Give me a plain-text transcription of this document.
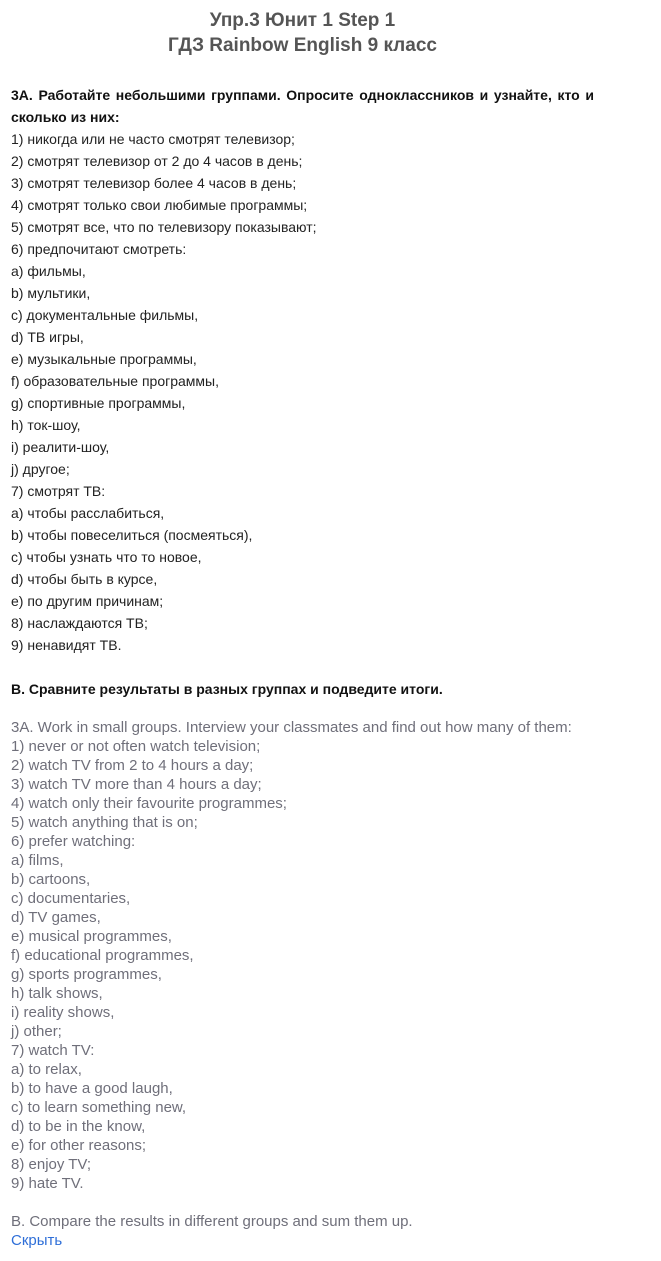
Упр.3 Юнит 1 Step 1
ГДЗ Rainbow English 9 класс
3А. Работайте небольшими группами. Опросите одноклассников и узнайте, кто и сколько из них:
1) никогда или не часто смотрят телевизор;
2) смотрят телевизор от 2 до 4 часов в день;
3) смотрят телевизор более 4 часов в день;
4) смотрят только свои любимые программы;
5) смотрят все, что по телевизору показывают;
6) предпочитают смотреть:
a) фильмы,
b) мультики,
c) документальные фильмы,
d) ТВ игры,
e) музыкальные программы,
f) образовательные программы,
g) спортивные программы,
h) ток-шоу,
i) реалити-шоу,
j) другое;
7) смотрят ТВ:
a) чтобы расслабиться,
b) чтобы повеселиться (посмеяться),
c) чтобы узнать что то новое,
d) чтобы быть в курсе,
e) по другим причинам;
8) наслаждаются ТВ;
9) ненавидят ТВ.
B. Сравните результаты в разных группах и подведите итоги.
3A. Work in small groups. Interview your classmates and find out how many of them:
1) never or not often watch television;
2) watch TV from 2 to 4 hours a day;
3) watch TV more than 4 hours a day;
4) watch only their favourite programmes;
5) watch anything that is on;
6) prefer watching:
a) films,
b) cartoons,
c) documentaries,
d) TV games,
e) musical programmes,
f) educational programmes,
g) sports programmes,
h) talk shows,
i) reality shows,
j) other;
7) watch TV:
a) to relax,
b) to have a good laugh,
c) to learn something new,
d) to be in the know,
e) for other reasons;
8) enjoy TV;
9) hate TV.
B. Compare the results in different groups and sum them up.
Скрыть
